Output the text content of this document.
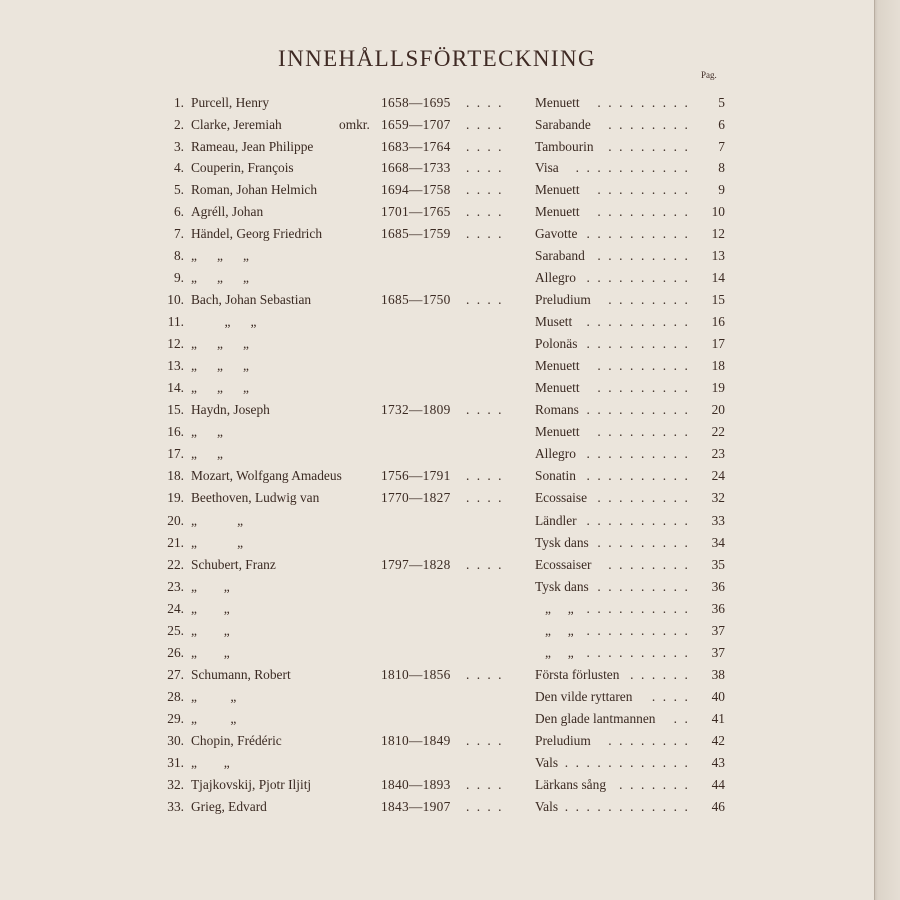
INNEHÅLLSFÖRTECKNING
Pag.
1. Purcell, Henry	1658—1695 . . . . Menuett	. . . . . . . . .	5
2. Clarke, Jeremiah	omkr. 1659—1707 . . . . Sarabande	. . . . . . . .	6
3. Rameau, Jean Philippe	1683—1764 . . . . Tambourin	. . . . . . . .	7
4. Couperin, François	1668—1733 . . . . Visa	. . . . . . . . . . .	8
5. Roman, Johan Helmich	1694—1758 . . . . Menuett	. . . . . . . . .	9
6. Agréll, Johan	1701—1765 . . . . Menuett	. . . . . . . . .	10
7. Händel, Georg Friedrich	1685—1759 . . . . Gavotte . . . . . . . . . .	12
8. „      „      „	Saraband . . . . . . . . .	13
9. „      „      „	Allegro . . . . . . . . . .	14
10. Bach, Johan Sebastian	1685—1750 . . . . Preludium	. . . . . . . .	15
11. „      „	Musett	. . . . . . . . . .	16
12. „      „      „	Polonäs . . . . . . . . . .	17
13. „      „      „	Menuett	. . . . . . . . .	18
14. „      „      „	Menuett	. . . . . . . . .	19
15. Haydn, Joseph	1732—1809 . . . . Romans . . . . . . . . . .	20
16. „      „	Menuett	. . . . . . . . .	22
17. „      „	Allegro . . . . . . . . . .	23
18. Mozart, Wolfgang Amadeus	1756—1791 . . . . Sonatin . . . . . . . . . .	24
19. Beethoven, Ludwig van	1770—1827 . . . . Ecossaise . . . . . . . . .	32
20. „            „	Ländler . . . . . . . . . .	33
21. „            „	Tysk dans . . . . . . . . .	34
22. Schubert, Franz	1797—1828 . . . . Ecossaiser	. . . . . . . .	35
23. „        „	Tysk dans . . . . . . . . .	36
24. „        „	„     „ . . . . . . . . . .	36
25. „        „	„     „ . . . . . . . . . .	37
26. „        „	„     „ . . . . . . . . . .	37
27. Schumann, Robert	1810—1856 . . . . Första förlusten . . . . . .	38
28. „          „	Den vilde ryttaren	. . . .	40
29. „          „	Den glade lantmannen	. .	41
30. Chopin, Frédéric	1810—1849 . . . . Preludium	. . . . . . . .	42
31. „        „	Vals . . . . . . . . . . . .	43
32. Tjajkovskij, Pjotr Iljitj	1840—1893 . . . . Lärkans sång . . . . . . .	44
33. Grieg, Edvard	1843—1907 . . . . Vals . . . . . . . . . . . .	46
